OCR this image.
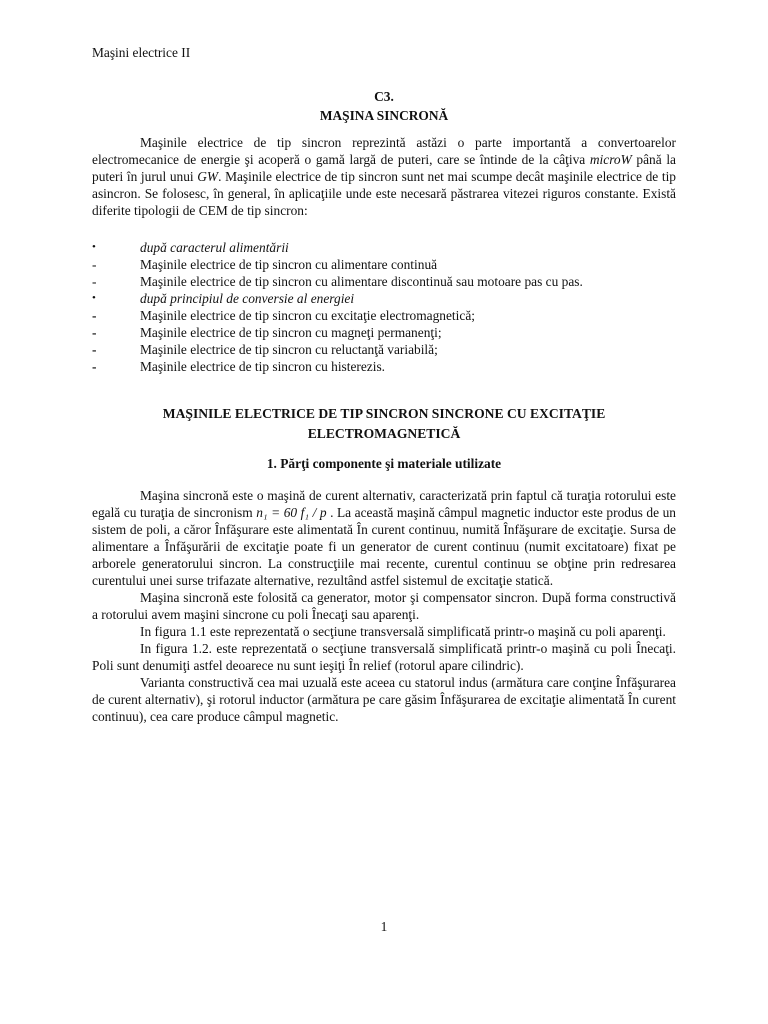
Maşini electrice II
C3.
MAŞINA SINCRONĂ

Maşinile electrice de tip sincron reprezintă astăzi o parte importantă a convertoarelor electromecanice de energie şi acoperă o gamă largă de puteri, care se întinde de la câţiva microW până la puteri în jurul unui GW. Maşinile electrice de tip sincron sunt net mai scumpe decât maşinile electrice de tip asincron. Se folosesc, în general, în aplicaţiile unde este necesară păstrarea vitezei riguros constante. Există diferite tipologii de CEM de tip sincron:

•	după caracterul alimentării
-	Maşinile electrice de tip sincron cu alimentare continuă
-	Maşinile electrice de tip sincron cu alimentare discontinuă sau motoare pas cu pas.
•	după principiul de conversie al energiei
-	Maşinile electrice de tip sincron cu excitaţie electromagnetică;
-	Maşinile electrice de tip sincron cu magneţi permanenţi;
-	Maşinile electrice de tip sincron cu reluctanţă variabilă;
-	Maşinile electrice de tip sincron cu histerezis.
MAŞINILE ELECTRICE DE TIP SINCRON SINCRONE CU EXCITAŢIE
ELECTROMAGNETICĂ
1. Părţi componente şi materiale utilizate

Maşina sincronă este o maşină de curent alternativ, caracterizată prin faptul că turaţia rotorului este egală cu turaţia de sincronism n₁ = 60 f₁ / p . La această maşină câmpul magnetic inductor este produs de un sistem de poli, a căror Înfăşurare este alimentată În curent continuu, numită Înfăşurare de excitaţie. Sursa de alimentare a Înfăşurării de excitaţie poate fi un generator de curent continuu (numit excitatoare) fixat pe arborele generatorului sincron. La construcţiile mai recente, curentul continuu se obţine prin redresarea curentului unei surse trifazate alternative, rezultând astfel sistemul de excitaţie statică.

Maşina sincronă este folosită ca generator, motor şi compensator sincron. După forma constructivă a rotorului avem maşini sincrone cu poli Înecaţi sau aparenţi.

In figura 1.1 este reprezentată o secţiune transversală simplificată printr-o maşină cu poli aparenţi.

In figura 1.2. este reprezentată o secţiune transversală simplificată printr-o maşină cu poli Înecaţi. Poli sunt denumiţi astfel deoarece nu sunt ieşiţi În relief (rotorul apare cilindric).

Varianta constructivă cea mai uzuală este aceea cu statorul indus (armătura care conţine Înfăşurarea de curent alternativ), şi rotorul inductor (armătura pe care găsim Înfăşurarea de excitaţie alimentată În curent continuu), cea care produce câmpul magnetic.

1
